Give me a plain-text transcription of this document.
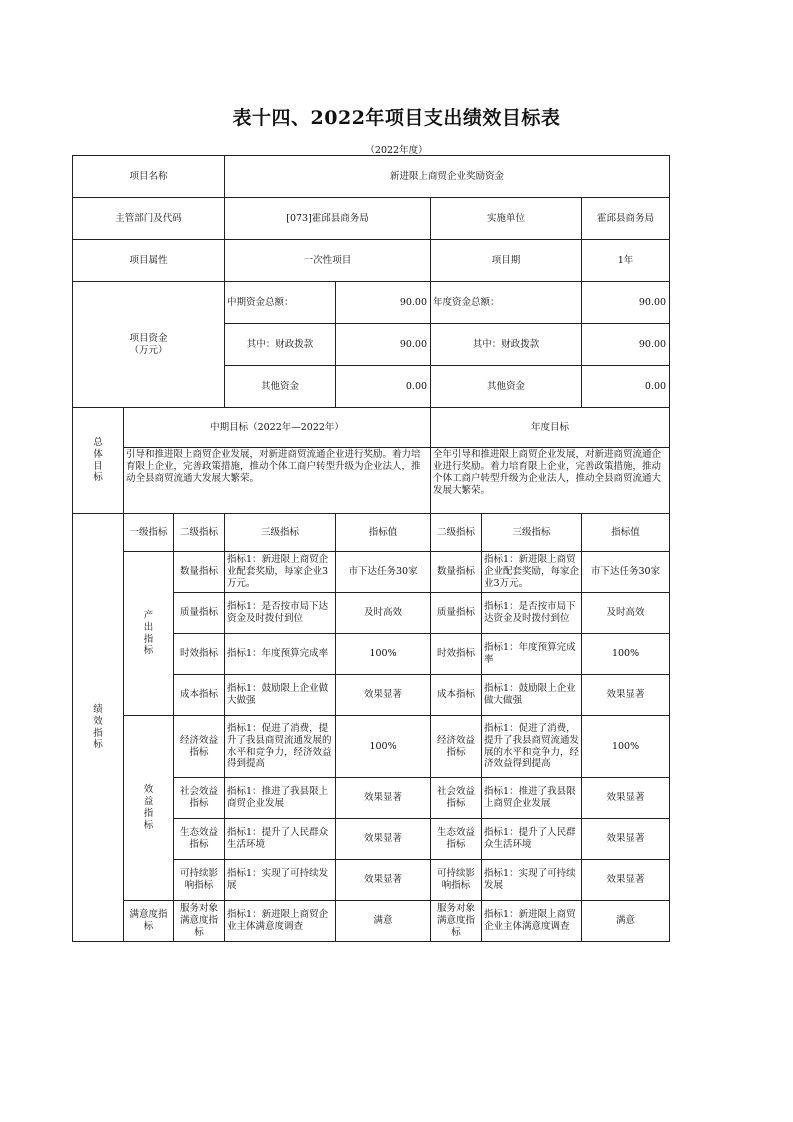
表十四、2022年项目支出绩效目标表
（2022年度）
项目名称			新进限上商贸企业奖励资金				
主管部门及代码			[073]霍邱县商务局		实施单位		霍邱县商务局
项目属性			一次性项目		项目期		1年
项目资金
（万元）			中期资金总额：	90.00	年度资金总额：		90.00
			其中：财政拨款	90.00	其中：财政拨款		90.00
			其他资金	0.00	其他资金		0.00
总
体
目
标	中期目标（2022年—2022年）				年度目标		
	引导和推进限上商贸企业发展，对新进商贸流通企业进行奖励。着力培育限上企业，完善政策措施，推动个体工商户转型升级为企业法人，推动全县商贸流通大发展大繁荣。				全年引导和推进限上商贸企业发展，对新进商贸流通企业进行奖励。着力培育限上企业，完善政策措施，推动个体工商户转型升级为企业法人，推动全县商贸流通大发展大繁荣。		
绩
效
指
标	一级指标	二级指标	三级指标	指标值	二级指标	三级指标	指标值
	产
出
指
标	数量指标	指标1：新进限上商贸企业配套奖励，每家企业3万元。	市下达任务30家	数量指标	指标1：新进限上商贸企业配套奖励，每家企业3万元。	市下达任务30家
		质量指标	指标1：是否按市局下达资金及时拨付到位	及时高效	质量指标	指标1：是否按市局下达资金及时拨付到位	及时高效
		时效指标	指标1：年度预算完成率	100%	时效指标	指标1：年度预算完成率	100%
		成本指标	指标1：鼓励限上企业做大做强	效果显著	成本指标	指标1：鼓励限上企业做大做强	效果显著
	效
益
指
标	经济效益指标	指标1：促进了消费，提升了我县商贸流通发展的水平和竞争力，经济效益得到提高	100%	经济效益指标	指标1：促进了消费，提升了我县商贸流通发展的水平和竞争力，经济效益得到提高	100%
		社会效益指标	指标1：推进了我县限上商贸企业发展	效果显著	社会效益指标	指标1：推进了我县限上商贸企业发展	效果显著
		生态效益指标	指标1：提升了人民群众生活环境	效果显著	生态效益指标	指标1：提升了人民群众生活环境	效果显著
		可持续影响指标	指标1：实现了可持续发展	效果显著	可持续影响指标	指标1：实现了可持续发展	效果显著
	满意度指标	服务对象满意度指标	指标1：新进限上商贸企业主体满意度调查	满意	服务对象满意度指标	指标1：新进限上商贸企业主体满意度调查	满意
